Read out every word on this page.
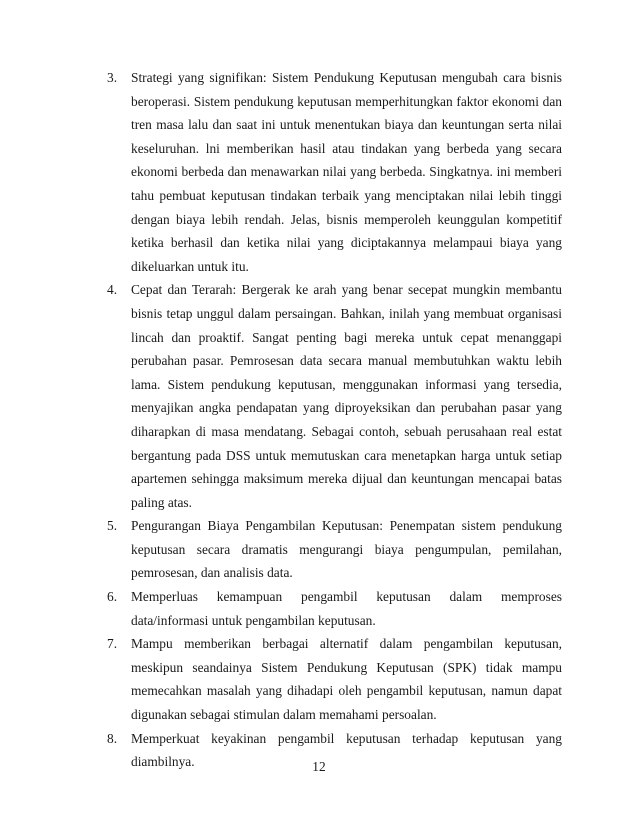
3. Strategi yang signifikan: Sistem Pendukung Keputusan mengubah cara bisnis beroperasi. Sistem pendukung keputusan memperhitungkan faktor ekonomi dan tren masa lalu dan saat ini untuk menentukan biaya dan keuntungan serta nilai keseluruhan. lni memberikan hasil atau tindakan yang berbeda yang secara ekonomi berbeda dan menawarkan nilai yang berbeda. Singkatnya. ini memberi tahu pembuat keputusan tindakan terbaik yang menciptakan nilai lebih tinggi dengan biaya lebih rendah. Jelas, bisnis memperoleh keunggulan kompetitif ketika berhasil dan ketika nilai yang diciptakannya melampaui biaya yang dikeluarkan untuk itu.
4. Cepat dan Terarah: Bergerak ke arah yang benar secepat mungkin membantu bisnis tetap unggul dalam persaingan. Bahkan, inilah yang membuat organisasi lincah dan proaktif. Sangat penting bagi mereka untuk cepat menanggapi perubahan pasar. Pemrosesan data secara manual membutuhkan waktu lebih lama. Sistem pendukung keputusan, menggunakan informasi yang tersedia, menyajikan angka pendapatan yang diproyeksikan dan perubahan pasar yang diharapkan di masa mendatang. Sebagai contoh, sebuah perusahaan real estat bergantung pada DSS untuk memutuskan cara menetapkan harga untuk setiap apartemen sehingga maksimum mereka dijual dan keuntungan mencapai batas paling atas.
5. Pengurangan Biaya Pengambilan Keputusan: Penempatan sistem pendukung keputusan secara dramatis mengurangi biaya pengumpulan, pemilahan, pemrosesan, dan analisis data.
6. Memperluas kemampuan pengambil keputusan dalam memproses data/informasi untuk pengambilan keputusan.
7. Mampu memberikan berbagai alternatif dalam pengambilan keputusan, meskipun seandainya Sistem Pendukung Keputusan (SPK) tidak mampu memecahkan masalah yang dihadapi oleh pengambil keputusan, namun dapat digunakan sebagai stimulan dalam memahami persoalan.
8. Memperkuat keyakinan pengambil keputusan terhadap keputusan yang diambilnya.	12
